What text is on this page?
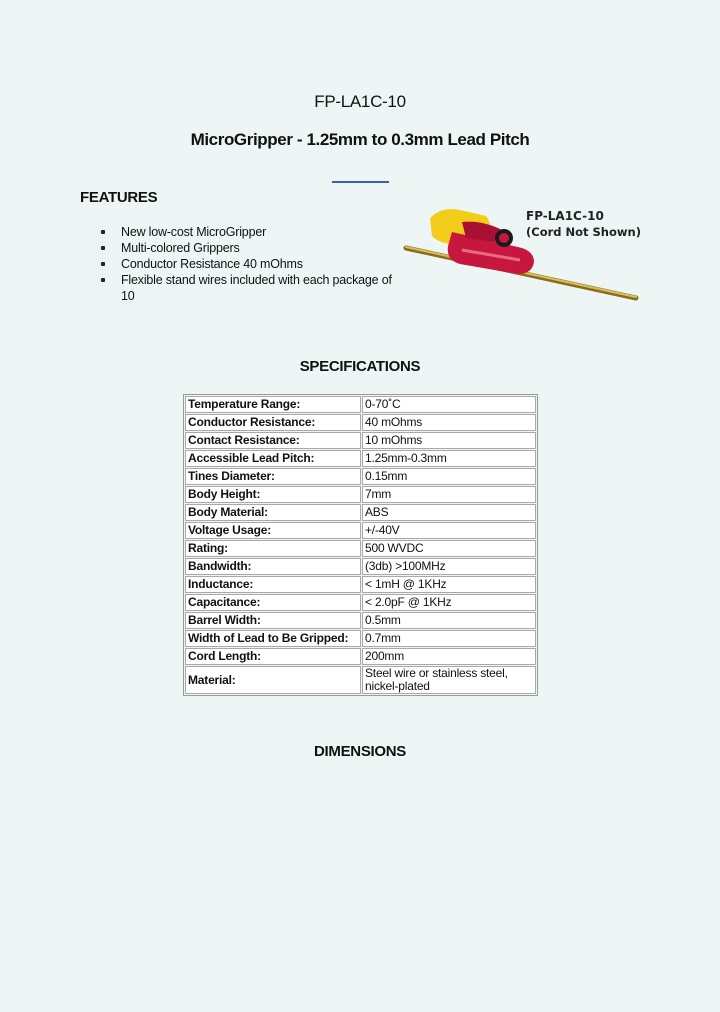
FP-LA1C-10
MicroGripper - 1.25mm to 0.3mm Lead Pitch
FEATURES
New low-cost MicroGripper
Multi-colored Grippers
Conductor Resistance 40 mOhms
Flexible stand wires included with each package of 10
FP-LA1C-10
(Cord Not Shown)
SPECIFICATIONS
Temperature Range:	0-70˚C
Conductor Resistance:	40 mOhms
Contact Resistance:	10 mOhms
Accessible Lead Pitch:	1.25mm-0.3mm
Tines Diameter:	0.15mm
Body Height:	7mm
Body Material:	ABS
Voltage Usage:	+/-40V
Rating:	500 WVDC
Bandwidth:	(3db) >100MHz
Inductance:	< 1mH @ 1KHz
Capacitance:	< 2.0pF @ 1KHz
Barrel Width:	0.5mm
Width of Lead to Be Gripped:	0.7mm
Cord Length:	200mm
Material:	Steel wire or stainless steel, nickel-plated
DIMENSIONS
